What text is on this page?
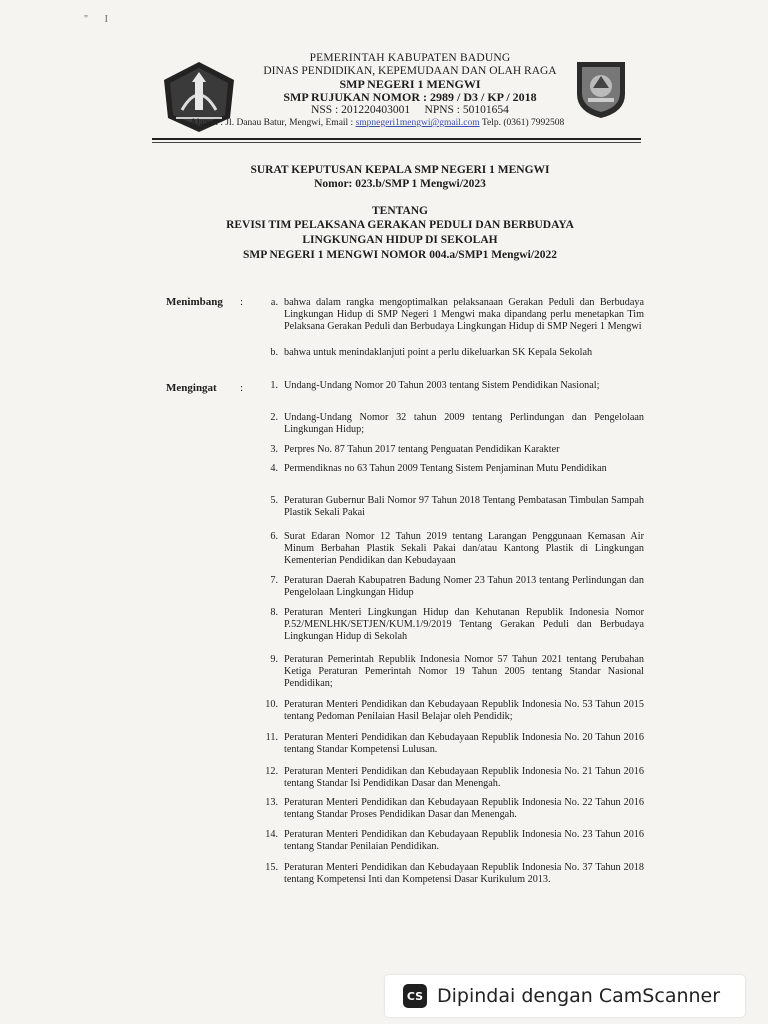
" I
PEMERINTAH KABUPATEN BADUNG
DINAS PENDIDIKAN, KEPEMUDAAN DAN OLAH RAGA
SMP NEGERI 1 MENGWI
SMP RUJUKAN NOMOR : 2989 / D3 / KP / 2018
NSS : 201220403001     NPNS : 50101654
Alamat : Jl. Danau Batur, Mengwi, Email : smpnegeri1mengwi@gmail.com Telp. (0361) 7992508
SURAT KEPUTUSAN KEPALA SMP NEGERI 1 MENGWI
Nomor: 023.b/SMP 1 Mengwi/2023
TENTANG
REVISI TIM PELAKSANA GERAKAN PEDULI DAN BERBUDAYA
LINGKUNGAN HIDUP DI SEKOLAH
SMP NEGERI 1 MENGWI NOMOR 004.a/SMP1 Mengwi/2022
Menimbang :	a. bahwa dalam rangka mengoptimalkan pelaksanaan Gerakan Peduli dan Berbudaya Lingkungan Hidup di SMP Negeri 1 Mengwi maka dipandang perlu menetapkan Tim Pelaksana Gerakan Peduli dan Berbudaya Lingkungan Hidup di SMP Negeri 1 Mengwi
b. bahwa untuk menindaklanjuti point a perlu dikeluarkan SK Kepala Sekolah
Mengingat :	1. Undang-Undang Nomor 20 Tahun 2003 tentang Sistem Pendidikan Nasional;
2. Undang-Undang Nomor 32 tahun 2009 tentang Perlindungan dan Pengelolaan Lingkungan Hidup;
3. Perpres No. 87 Tahun 2017 tentang Penguatan Pendidikan Karakter
4. Permendiknas no 63 Tahun 2009 Tentang Sistem Penjaminan Mutu Pendidikan
5. Peraturan Gubernur Bali Nomor 97 Tahun 2018 Tentang Pembatasan Timbulan Sampah Plastik Sekali Pakai
6. Surat Edaran Nomor 12 Tahun 2019 tentang Larangan Penggunaan Kemasan Air Minum Berbahan Plastik Sekali Pakai dan/atau Kantong Plastik di Lingkungan Kementerian Pendidikan dan Kebudayaan
7. Peraturan Daerah Kabupatren Badung Nomer 23 Tahun 2013 tentang Perlindungan dan Pengelolaan Lingkungan Hidup
8. Peraturan Menteri Lingkungan Hidup dan Kehutanan Republik Indonesia Nomor P.52/MENLHK/SETJEN/KUM.1/9/2019 Tentang Gerakan Peduli dan Berbudaya Lingkungan Hidup di Sekolah
9. Peraturan Pemerintah Republik Indonesia Nomor 57 Tahun 2021 tentang Perubahan Ketiga Peraturan Pemerintah Nomor 19 Tahun 2005 tentang Standar Nasional Pendidikan;
10. Peraturan Menteri Pendidikan dan Kebudayaan Republik Indonesia No. 53 Tahun 2015 tentang Pedoman Penilaian Hasil Belajar oleh Pendidik;
11. Peraturan Menteri Pendidikan dan Kebudayaan Republik Indonesia No. 20 Tahun 2016 tentang Standar Kompetensi Lulusan.
12. Peraturan Menteri Pendidikan dan Kebudayaan Republik Indonesia No. 21 Tahun 2016 tentang Standar Isi Pendidikan Dasar dan Menengah.
13. Peraturan Menteri Pendidikan dan Kebudayaan Republik Indonesia No. 22 Tahun 2016 tentang Standar Proses Pendidikan Dasar dan Menengah.
14. Peraturan Menteri Pendidikan dan Kebudayaan Republik Indonesia No. 23 Tahun 2016 tentang Standar Penilaian Pendidikan.
15. Peraturan Menteri Pendidikan dan Kebudayaan Republik Indonesia No. 37 Tahun 2018 tentang Kompetensi Inti dan Kompetensi Dasar Kurikulum 2013.
CS Dipindai dengan CamScanner
